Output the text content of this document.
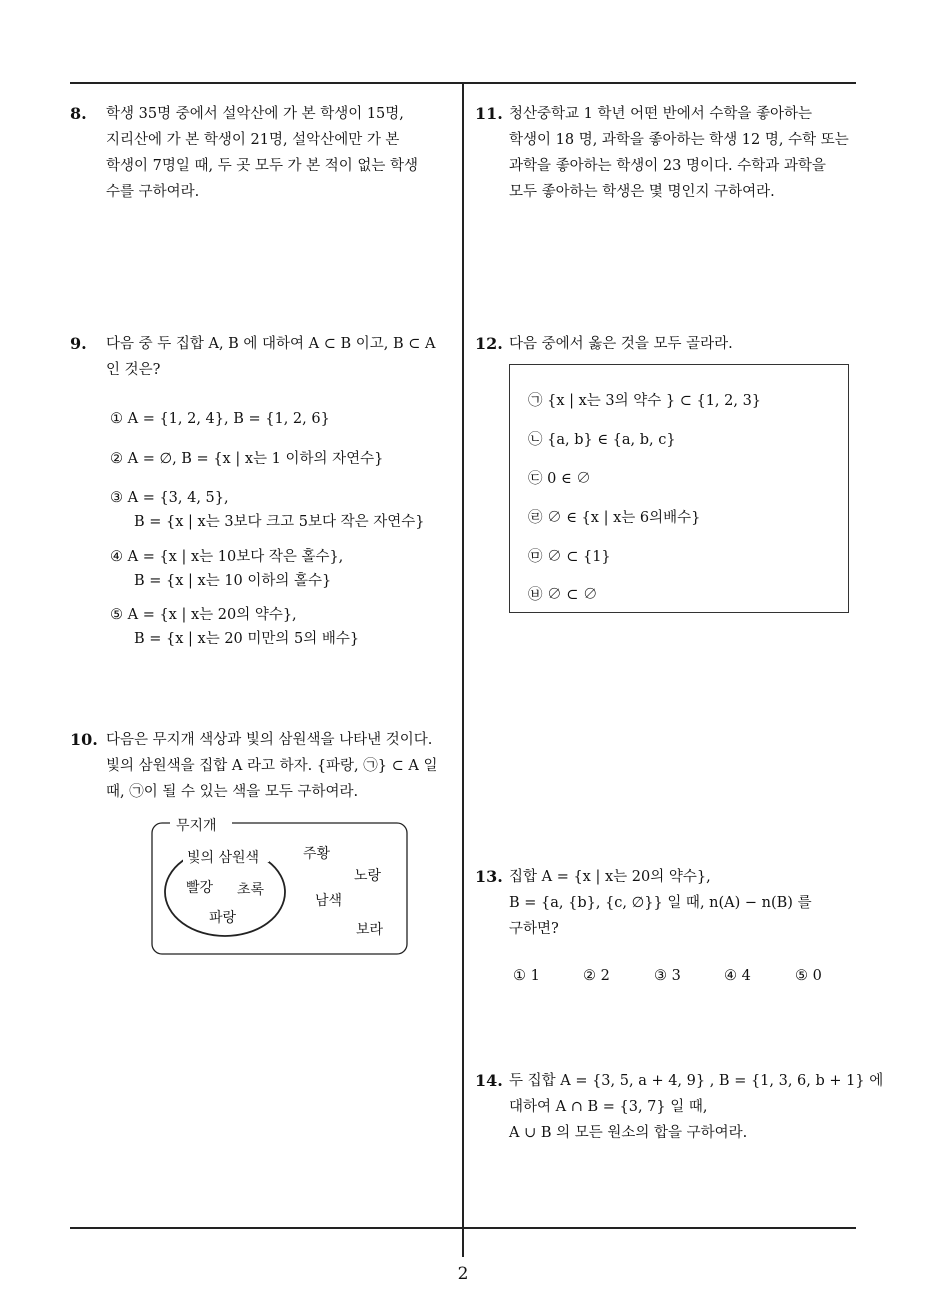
8. 학생 35명 중에서 설악산에 가 본 학생이 15명,
지리산에 가 본 학생이 21명, 설악산에만 가 본
학생이 7명일 때, 두 곳 모두 가 본 적이 없는 학생
수를 구하여라.
9. 다음 중 두 집합 A, B 에 대하여 A ⊂ B 이고, B ⊂ A
인 것은?
① A = {1, 2, 4}, B = {1, 2, 6}
② A = ∅, B = {x | x는 1 이하의 자연수}
③ A = {3, 4, 5},
B = {x | x는 3보다 크고 5보다 작은 자연수}
④ A = {x | x는 10보다 작은 홀수},
B = {x | x는 10 이하의 홀수}
⑤ A = {x | x는 20의 약수},
B = {x | x는 20 미만의 5의 배수}
10. 다음은 무지개 색상과 빛의 삼원색을 나타낸 것이다.
빛의 삼원색을 집합 A 라고 하자. {파랑, ㉠} ⊂ A 일
때, ㉠이 될 수 있는 색을 모두 구하여라.
무지개
빛의 삼원색
빨강 초록
파랑
주황
노랑
남색
보라
11. 청산중학교 1 학년 어떤 반에서 수학을 좋아하는
학생이 18 명, 과학을 좋아하는 학생 12 명, 수학 또는
과학을 좋아하는 학생이 23 명이다. 수학과 과학을
모두 좋아하는 학생은 몇 명인지 구하여라.
12. 다음 중에서 옳은 것을 모두 골라라.
㉠ {x | x는 3의 약수 } ⊂ {1, 2, 3}
㉡ {a, b} ∈ {a, b, c}
㉢ 0 ∈ ∅
㉣ ∅ ∈ {x | x는 6의배수}
㉤ ∅ ⊂ {1}
㉥ ∅ ⊂ ∅
13. 집합 A = {x | x는 20의 약수},
B = {a, {b}, {c, ∅}} 일 때, n(A) − n(B) 를
구하면?
① 1	② 2	③ 3	④ 4	⑤ 0
14. 두 집합 A = {3, 5, a + 4, 9} , B = {1, 3, 6, b + 1} 에
대하여 A ∩ B = {3, 7} 일 때,
A ∪ B 의 모든 원소의 합을 구하여라.
2
